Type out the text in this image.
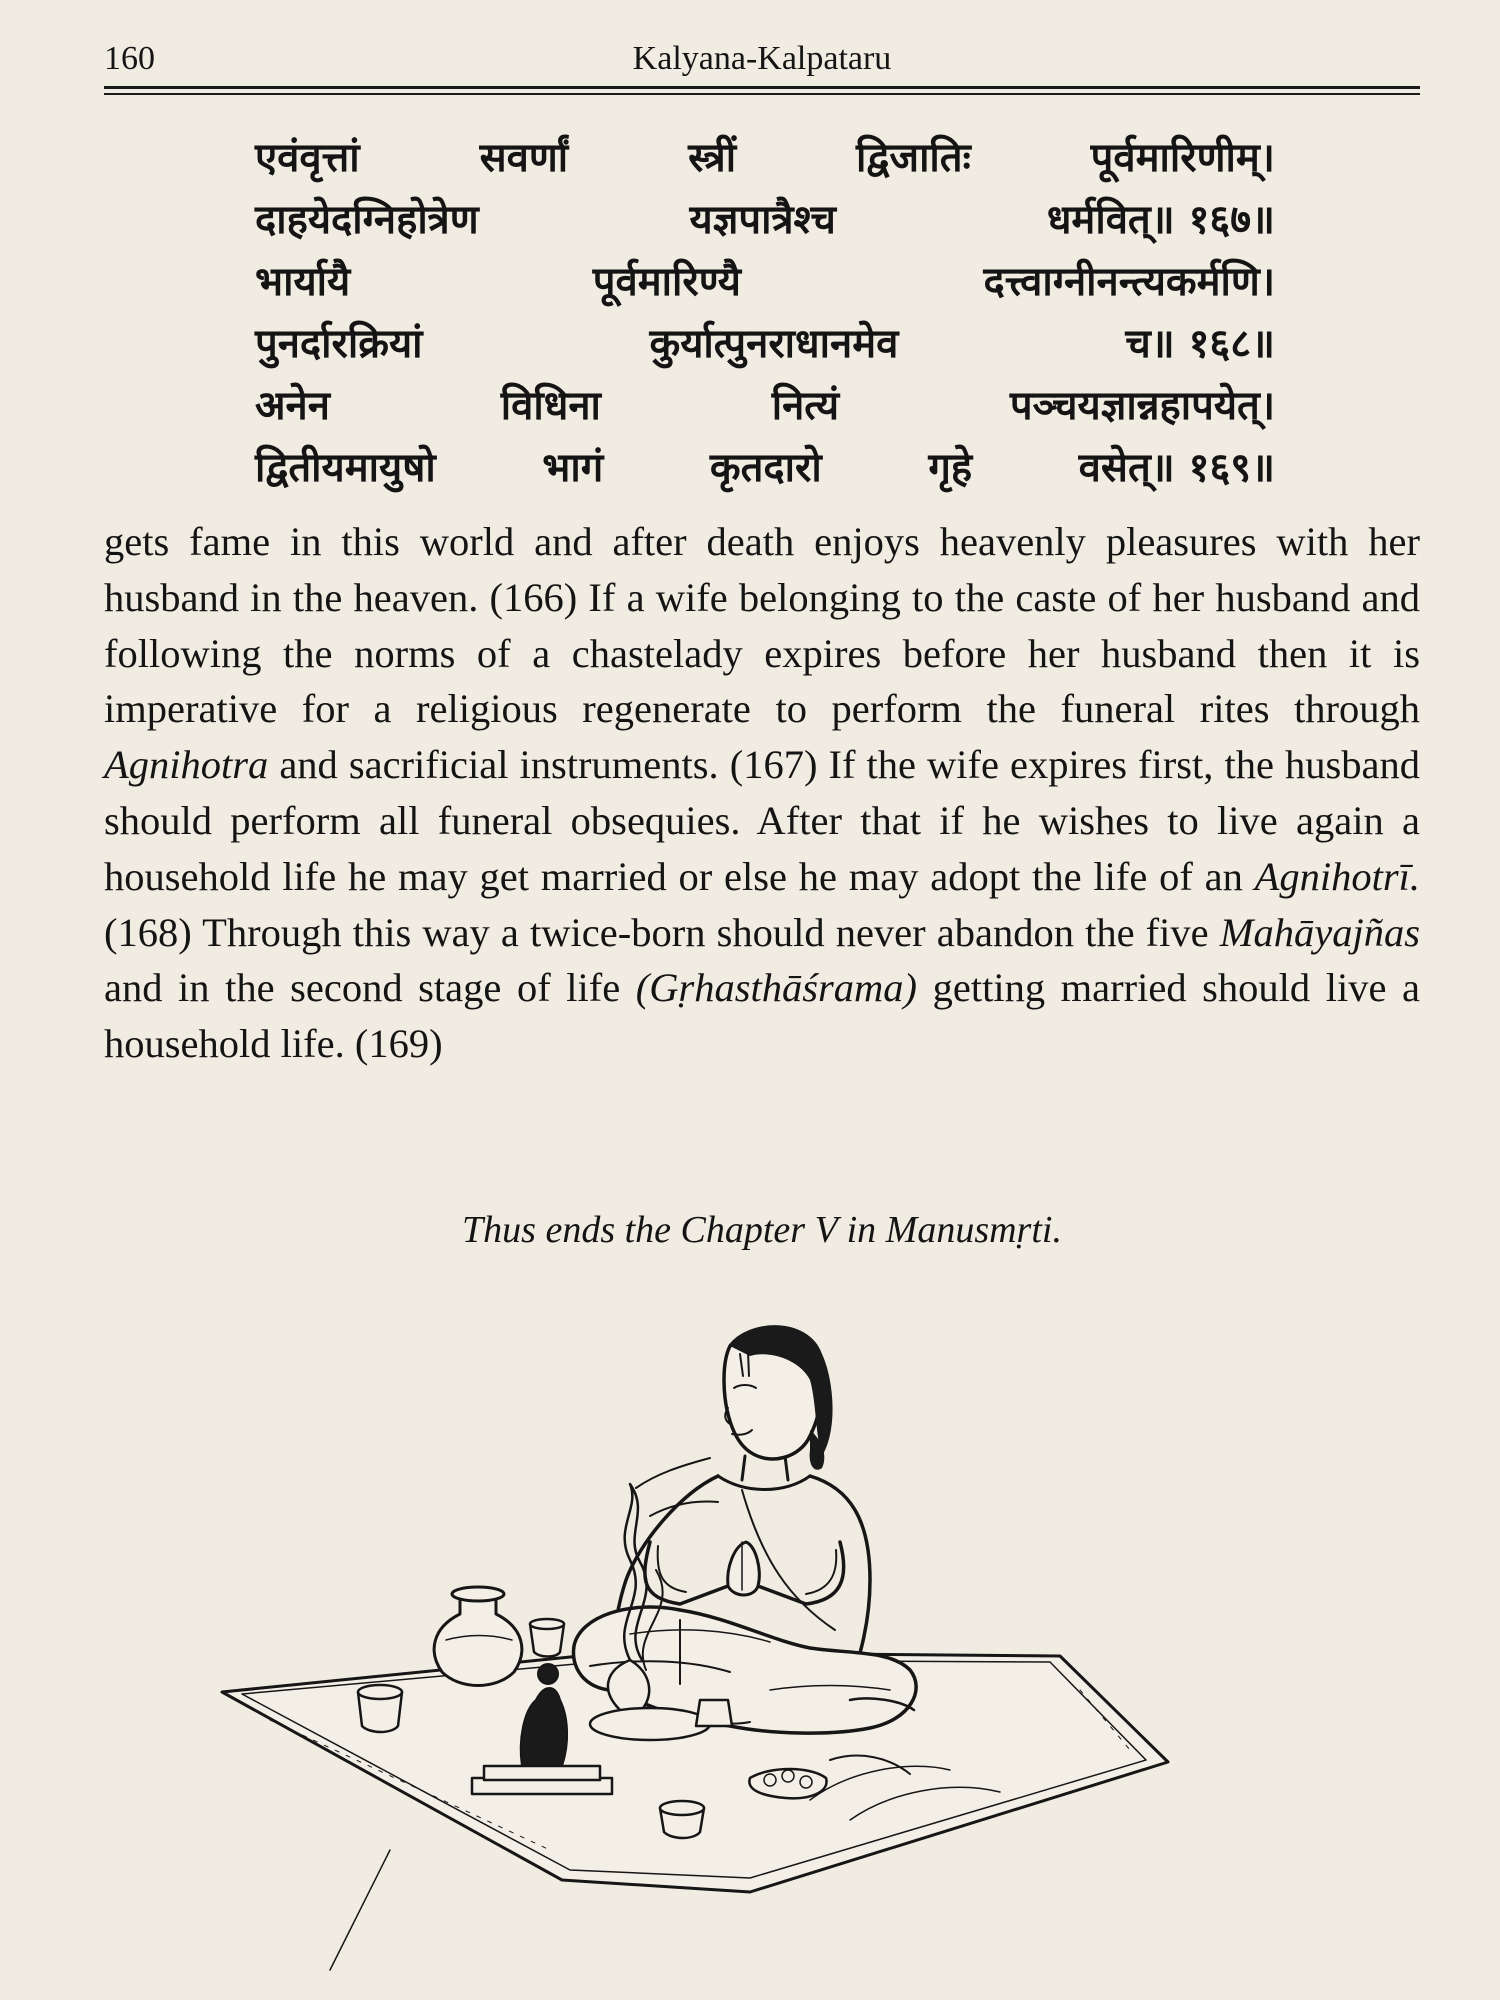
160	Kalyana-Kalpataru
एवंवृत्तां	सवर्णां	स्त्रीं	द्विजातिः	पूर्वमारिणीम्।
दाहयेदग्निहोत्रेण	यज्ञपात्रैश्च	धर्मवित्॥ १६७॥
भार्यायै	पूर्वमारिण्यै	दत्त्वाग्नीनन्त्यकर्मणि।
पुनर्दारक्रियां	कुर्यात्पुनराधानमेव	च॥ १६८॥
अनेन	विधिना	नित्यं	पञ्चयज्ञान्नहापयेत्।
द्वितीयमायुषो	भागं	कृतदारो	गृहे	वसेत्॥ १६९॥

gets fame in this world and after death enjoys heavenly pleasures with her husband in the heaven. (166) If a wife belonging to the caste of her husband and following the norms of a chastelady expires before her husband then it is imperative for a religious regenerate to perform the funeral rites through Agnihotra and sacrificial instruments. (167) If the wife expires first, the husband should perform all funeral obsequies. After that if he wishes to live again a household life he may get married or else he may adopt the life of an Agnihotrī. (168) Through this way a twice-born should never abandon the five Mahāyajñas and in the second stage of life (Gṛhasthāśrama) getting married should live a household life. (169)

Thus ends the Chapter V in Manusmṛti.
